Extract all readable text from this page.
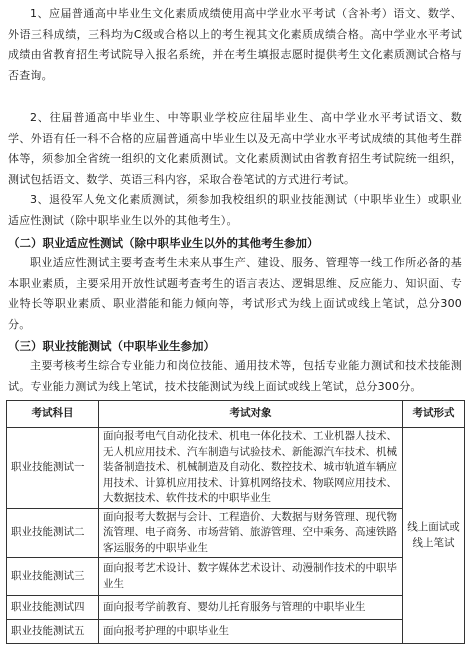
1、应届普通高中毕业生文化素质成绩使用高中学业水平考试（含补考）语文、数学、外语三科成绩，三科均为C级或合格以上的考生视其文化素质成绩合格。高中学业水平考试成绩由省教育招生考试院导入报名系统，并在考生填报志愿时提供考生文化素质测试合格与否查询。

2、往届普通高中毕业生、中等职业学校应往届毕业生、高中学业水平考试语文、数学、外语有任一科不合格的应届普通高中毕业生以及无高中学业水平考试成绩的其他考生群体等，须参加全省统一组织的文化素质测试。文化素质测试由省教育招生考试院统一组织，测试包括语文、数学、英语三科内容，采取合卷笔试的方式进行考试。

3、退役军人免文化素质测试，须参加我校组织的职业技能测试（中职毕业生）或职业适应性测试（除中职毕业生以外的其他考生）。

（二）职业适应性测试（除中职毕业生以外的其他考生参加）

职业适应性测试主要考查考生未来从事生产、建设、服务、管理等一线工作所必备的基本职业素质，主要采用开放性试题考查考生的语言表达、逻辑思维、反应能力、知识面、专业特长等职业素质、职业潜能和能力倾向等，考试形式为线上面试或线上笔试，总分300分。

（三）职业技能测试（中职毕业生参加）

主要考核考生综合专业能力和岗位技能、通用技术等，包括专业能力测试和技术技能测试。专业能力测试为线上笔试，技术技能测试为线上面试或线上笔试，总分300分。

考试科目	考试对象	考试形式
职业技能测试一	面向报考电气自动化技术、机电一体化技术、工业机器人技术、无人机应用技术、汽车制造与试验技术、新能源汽车技术、机械装备制造技术、机械制造及自动化、数控技术、城市轨道车辆应用技术、计算机应用技术、计算机网络技术、物联网应用技术、大数据技术、软件技术的中职毕业生	线上面试或线上笔试
职业技能测试二	面向报考大数据与会计、工程造价、大数据与财务管理、现代物流管理、电子商务、市场营销、旅游管理、空中乘务、高速铁路客运服务的中职毕业生	
职业技能测试三	面向报考艺术设计、数字媒体艺术设计、动漫制作技术的中职毕业生	
职业技能测试四	面向报考学前教育、婴幼儿托育服务与管理的中职毕业生	
职业技能测试五	面向报考护理的中职毕业生	
